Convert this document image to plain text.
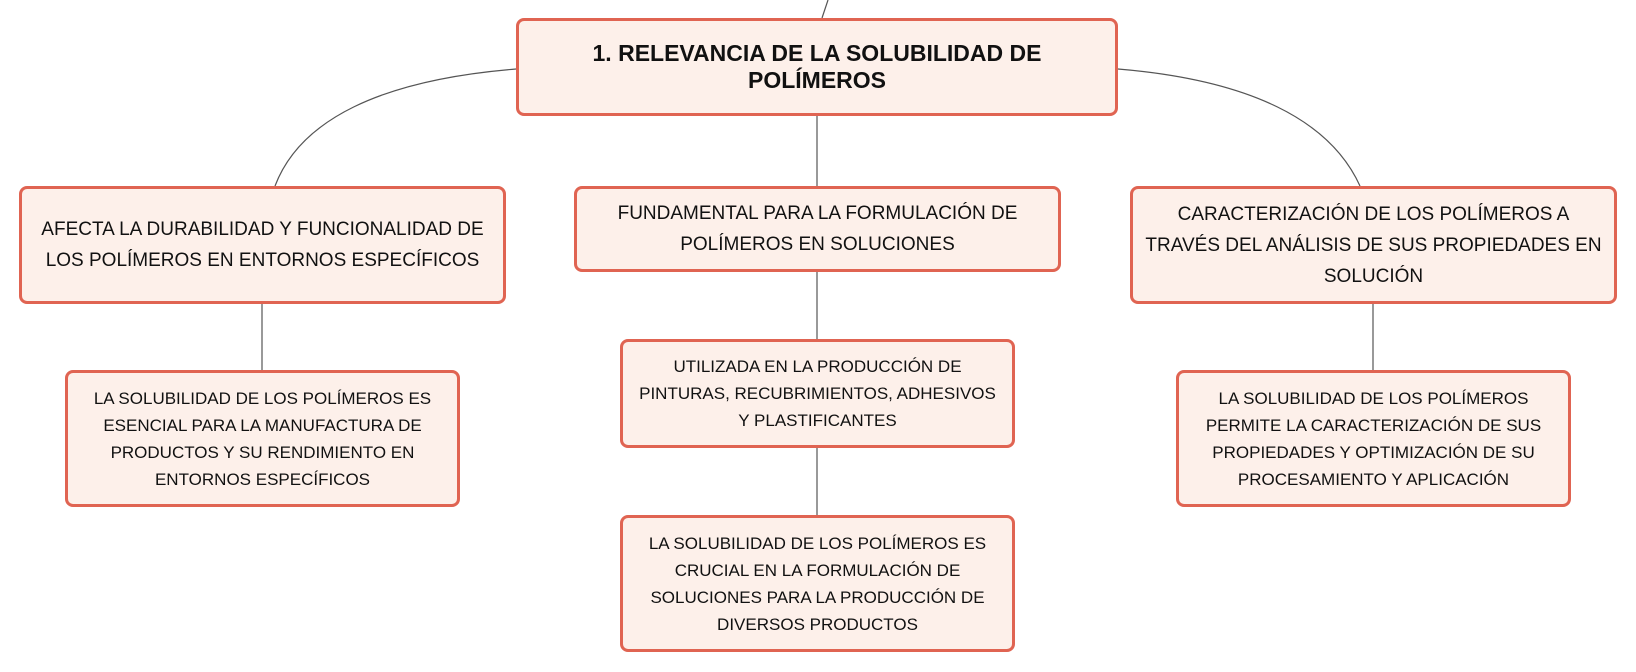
1. RELEVANCIA DE LA SOLUBILIDAD DE POLÍMEROS
AFECTA LA DURABILIDAD Y FUNCIONALIDAD DE LOS POLÍMEROS EN ENTORNOS ESPECÍFICOS
FUNDAMENTAL PARA LA FORMULACIÓN DE POLÍMEROS EN SOLUCIONES
CARACTERIZACIÓN DE LOS POLÍMEROS A TRAVÉS DEL ANÁLISIS DE SUS PROPIEDADES EN SOLUCIÓN
LA SOLUBILIDAD DE LOS POLÍMEROS ES ESENCIAL PARA LA MANUFACTURA DE PRODUCTOS Y SU RENDIMIENTO EN ENTORNOS ESPECÍFICOS
UTILIZADA EN LA PRODUCCIÓN DE PINTURAS, RECUBRIMIENTOS, ADHESIVOS Y PLASTIFICANTES
LA SOLUBILIDAD DE LOS POLÍMEROS ES CRUCIAL EN LA FORMULACIÓN DE SOLUCIONES PARA LA PRODUCCIÓN DE DIVERSOS PRODUCTOS
LA SOLUBILIDAD DE LOS POLÍMEROS PERMITE LA CARACTERIZACIÓN DE SUS PROPIEDADES Y OPTIMIZACIÓN DE SU PROCESAMIENTO Y APLICACIÓN
